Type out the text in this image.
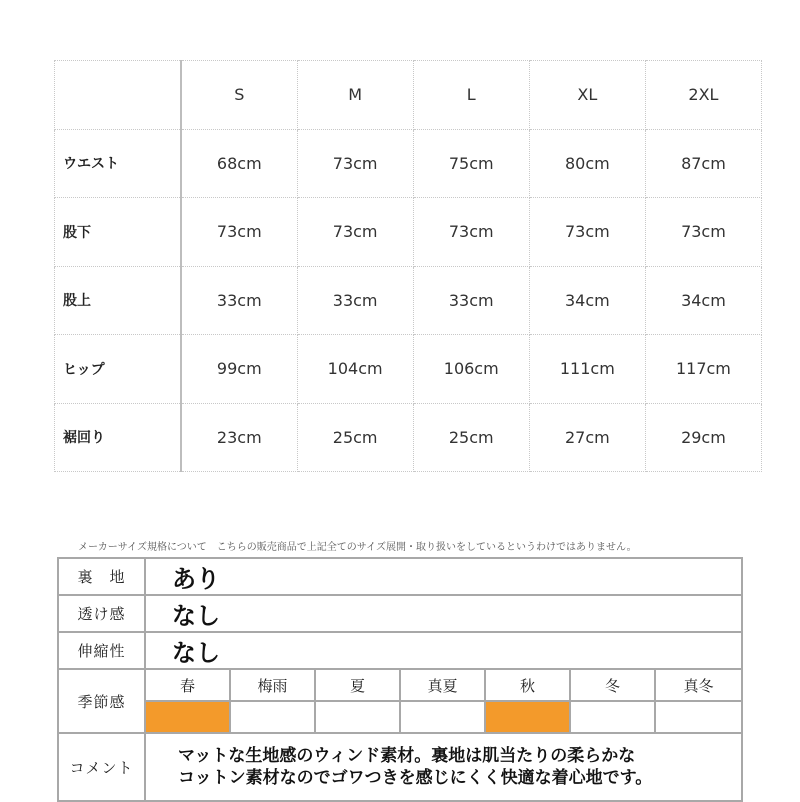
	S	M	L	XL	2XL
ウエスト	68cm	73cm	75cm	80cm	87cm
股下	73cm	73cm	73cm	73cm	73cm
股上	33cm	33cm	33cm	34cm	34cm
ヒップ	99cm	104cm	106cm	111cm	117cm
裾回り	23cm	25cm	25cm	27cm	29cm
メーカーサイズ規格について　こちらの販売商品で上記全てのサイズ展開・取り扱いをしているというわけではありません。
裏　地	あり						
透け感	なし						
伸縮性	なし						
季節感	春	梅雨	夏	真夏	秋	冬	真冬

コメント	マットな生地感のウィンド素材。裏地は肌当たりの柔らかな
コットン素材なのでゴワつきを感じにくく快適な着心地です。						
